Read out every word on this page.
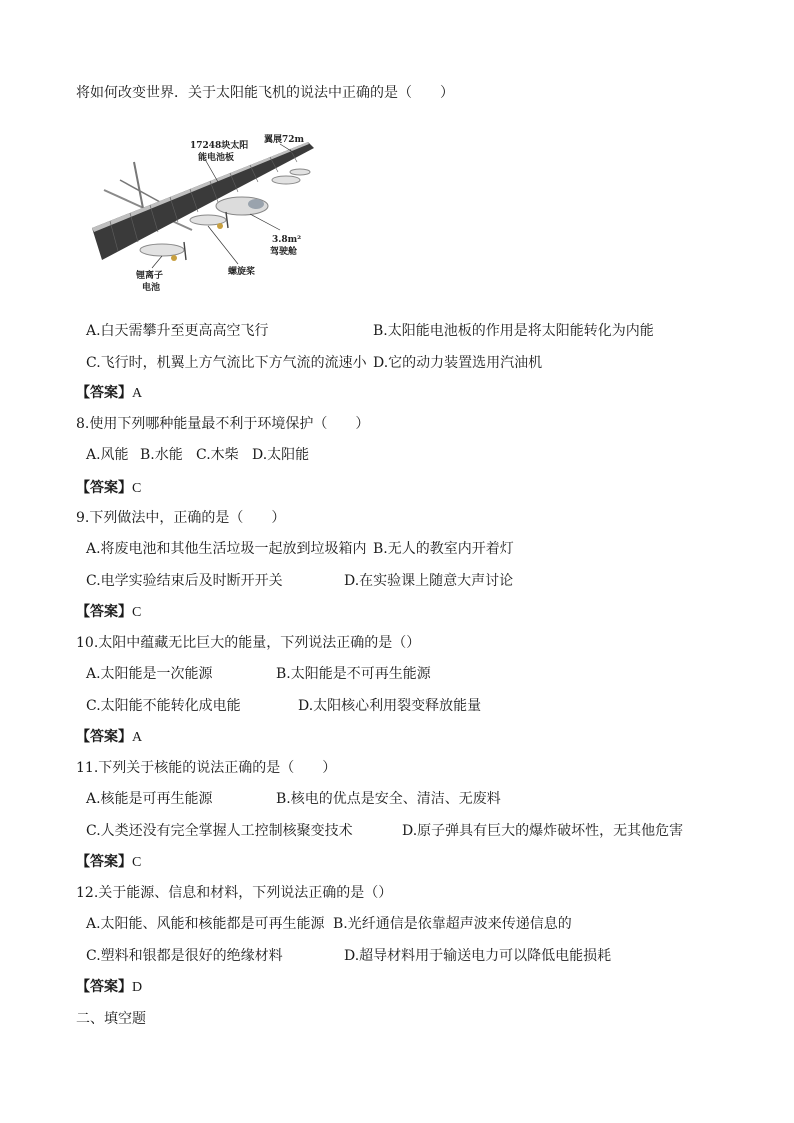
将如何改变世界．关于太阳能飞机的说法中正确的是（　　）
17248块太阳
能电池板
翼展72m
3.8m²
驾驶舱
螺旋桨
锂离子
电池
A.白天需攀升至更高高空飞行	B.太阳能电池板的作用是将太阳能转化为内能
C.飞行时，机翼上方气流比下方气流的流速小 D.它的动力装置选用汽油机
【答案】A
8.使用下列哪种能量最不利于环境保护（　　）
A.风能 B.水能 C.木柴 D.太阳能
【答案】C
9.下列做法中，正确的是（　　）
A.将废电池和其他生活垃圾一起放到垃圾箱内 B.无人的教室内开着灯
C.电学实验结束后及时断开开关	D.在实验课上随意大声讨论
【答案】C
10.太阳中蕴藏无比巨大的能量，下列说法正确的是（）
A.太阳能是一次能源	B.太阳能是不可再生能源
C.太阳能不能转化成电能	D.太阳核心利用裂变释放能量
【答案】A
11.下列关于核能的说法正确的是（　　）
A.核能是可再生能源	B.核电的优点是安全、清洁、无废料
C.人类还没有完全掌握人工控制核聚变技术	D.原子弹具有巨大的爆炸破坏性，无其他危害
【答案】C
12.关于能源、信息和材料，下列说法正确的是（）
A.太阳能、风能和核能都是可再生能源 B.光纤通信是依靠超声波来传递信息的
C.塑料和银都是很好的绝缘材料	D.超导材料用于输送电力可以降低电能损耗
【答案】D
二、填空题
